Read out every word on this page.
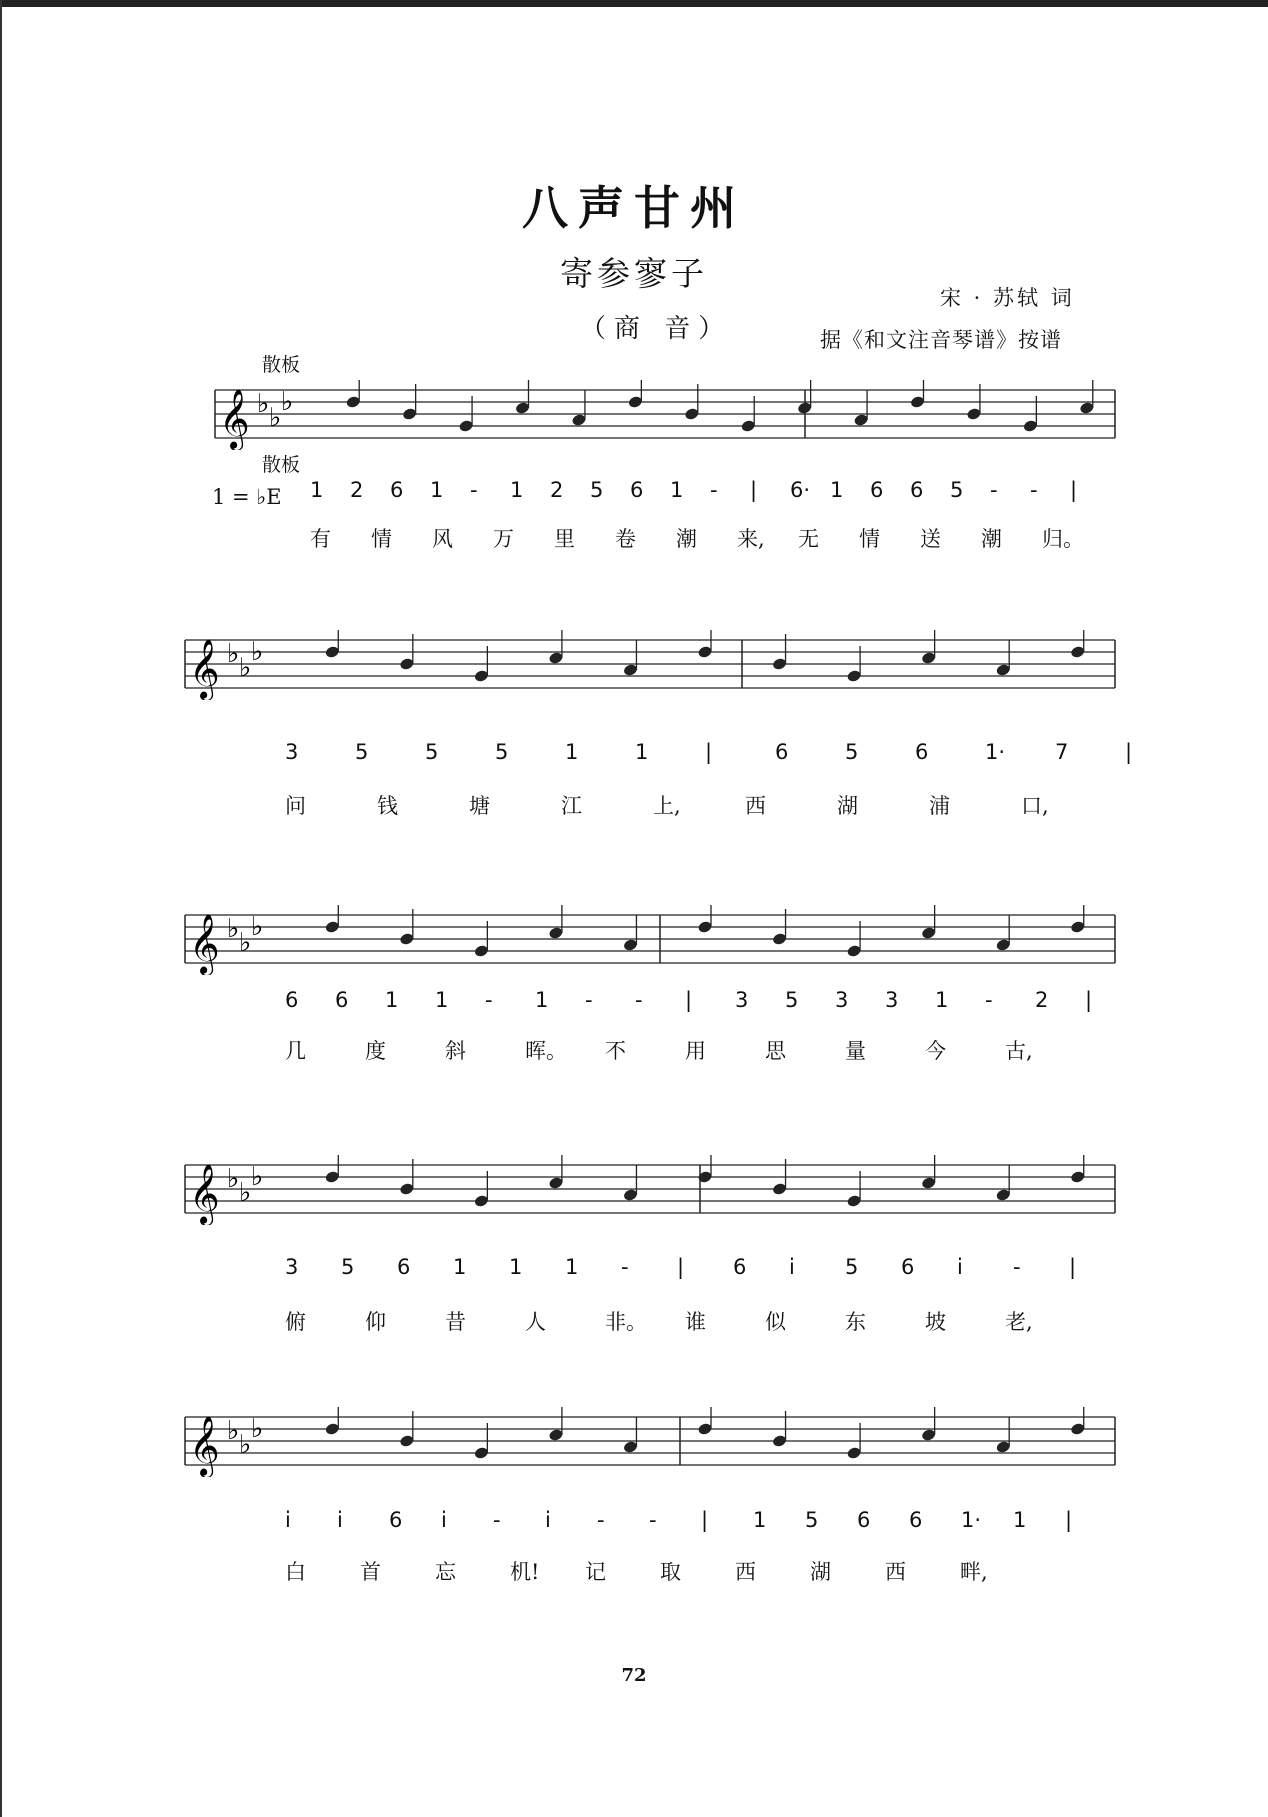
八声甘州
寄参寥子
（商 音）
宋 · 苏轼 词
据《和文注音琴谱》按谱
散板
散板
1 = ♭E
𝄞 ♭ ♭
♭
1 2 6 1 - 1 2 5 6 1 - | 6· 1 6 6 5 - - |
有 情 风 万 里 卷 潮 来, 无 情 送 潮 归。
𝄞 ♭ ♭
♭
3	5	5	5	1	1	|	6	5	6	1· 7	|
问	钱	塘	江	上,	西	湖	浦	口,
𝄞 ♭ ♭
♭
6 6 1 1 - 1 - - | 3 5 3 3 1 - 2 |
几	度	斜	晖。 不	用	思	量	今	古,
𝄞 ♭ ♭
♭
3 5 6 1 1 1 - | 6 i 5 6 i - |
俯	仰	昔	人	非。 谁	似	东	坡	老,
𝄞 ♭ ♭
♭
i i 6 i - i - - | 1 5 6 6 1· 1 |
白	首	忘	机! 记	取	西	湖	西	畔,
72
